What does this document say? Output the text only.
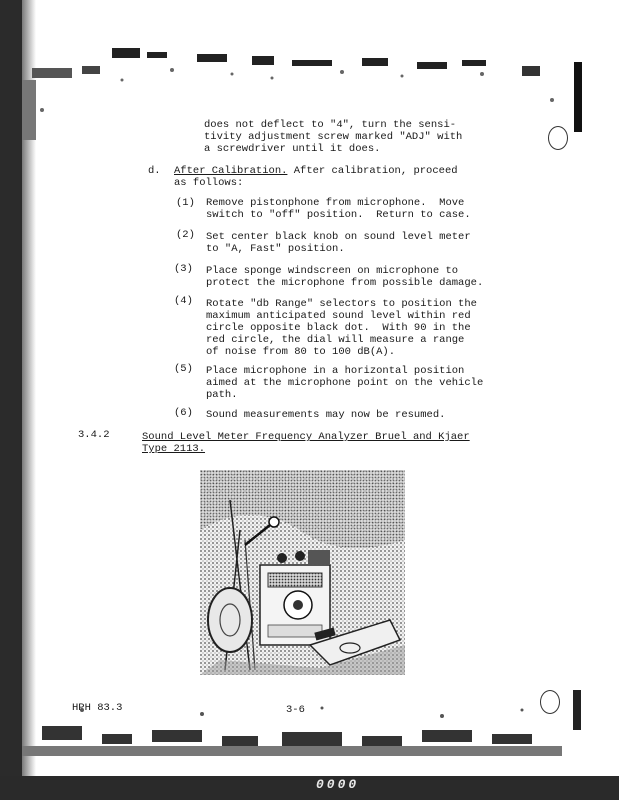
does not deflect to "4", turn the sensi-
tivity adjustment screw marked "ADJ" with
a screwdriver until it does.
d. After Calibration. After calibration, proceed
as follows:
(1) Remove pistonphone from microphone.  Move
switch to "off" position.  Return to case.
(2) Set center black knob on sound level meter
to "A, Fast" position.
(3) Place sponge windscreen on microphone to
protect the microphone from possible damage.
(4) Rotate "db Range" selectors to position the
maximum anticipated sound level within red
circle opposite black dot.  With 90 in the
red circle, the dial will measure a range
of noise from 80 to 100 dB(A).
(5) Place microphone in a horizontal position
aimed at the microphone point on the vehicle
path.
(6) Sound measurements may now be resumed.
3.4.2	Sound Level Meter Frequency Analyzer Bruel and Kjaer
Type 2113.
HPH 83.3	3-6
0000
